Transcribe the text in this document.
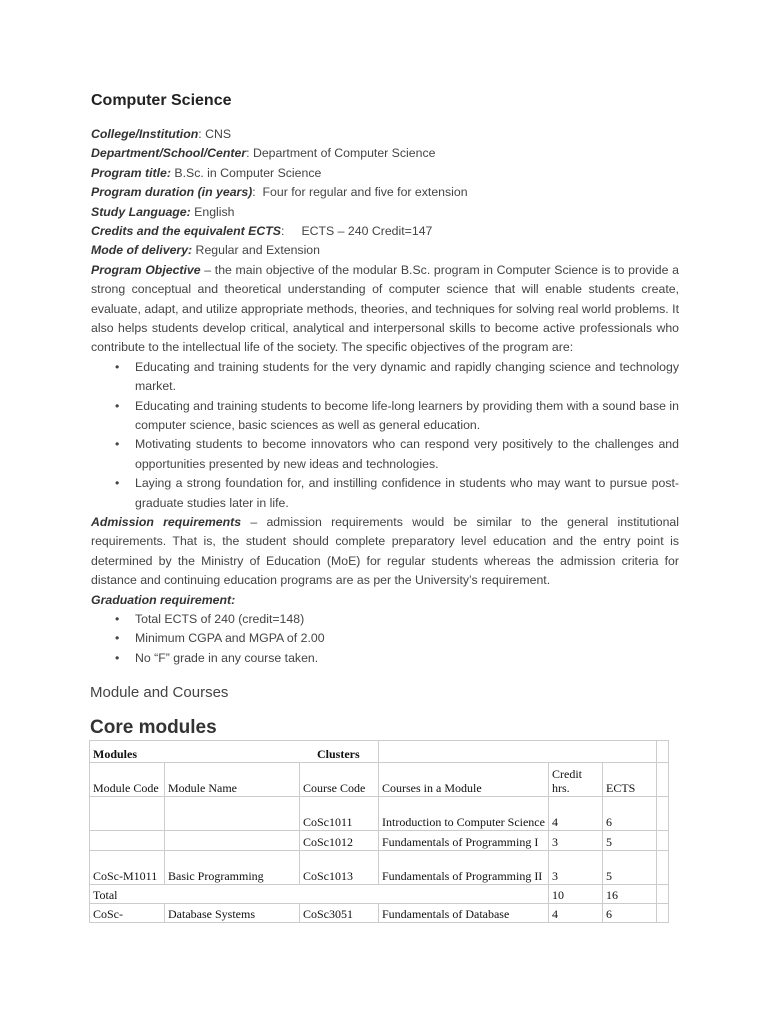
Computer Science
College/Institution: CNS
Department/School/Center: Department of Computer Science
Program title: B.Sc. in Computer Science
Program duration (in years):  Four for regular and five for extension
Study Language: English
Credits and the equivalent ECTS:     ECTS – 240 Credit=147
Mode of delivery: Regular and Extension
Program Objective – the main objective of the modular B.Sc. program in Computer Science is to provide a strong conceptual and theoretical understanding of computer science that will enable students create, evaluate, adapt, and utilize appropriate methods, theories, and techniques for solving real world problems. It also helps students develop critical, analytical and interpersonal skills to become active professionals who contribute to the intellectual life of the society. The specific objectives of the program are:
• Educating and training students for the very dynamic and rapidly changing science and technology market.
• Educating and training students to become life-long learners by providing them with a sound base in computer science, basic sciences as well as general education.
• Motivating students to become innovators who can respond very positively to the challenges and opportunities presented by new ideas and technologies.
• Laying a strong foundation for, and instilling confidence in students who may want to pursue post-graduate studies later in life.
Admission requirements – admission requirements would be similar to the general institutional requirements. That is, the student should complete preparatory level education and the entry point is determined by the Ministry of Education (MoE) for regular students whereas the admission criteria for distance and continuing education programs are as per the University’s requirement.
Graduation requirement:
• Total ECTS of 240 (credit=148)
• Minimum CGPA and MGPA of 2.00
• No “F” grade in any course taken.
Module and Courses
Core modules
Modules			Clusters			

Module Code	Module Name	Course Code	Courses in a Module	Credit hrs.	ECTS	
		CoSc1011	Introduction to Computer Science	4	6	
		CoSc1012	Fundamentals of Programming I	3	5	
CoSc-M1011	Basic Programming	CoSc1013	Fundamentals of Programming II	3	5	
Total				10	16	
CoSc-	Database Systems	CoSc3051	Fundamentals of Database	4	6	
